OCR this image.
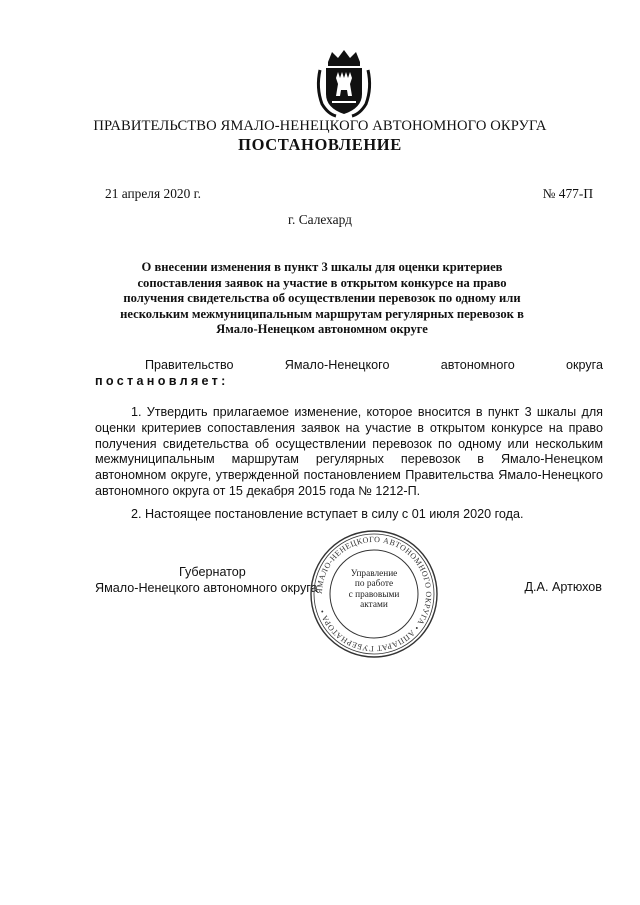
ПРАВИТЕЛЬСТВО ЯМАЛО-НЕНЕЦКОГО АВТОНОМНОГО ОКРУГА
ПОСТАНОВЛЕНИЕ
21 апреля 2020 г.	№ 477-П
г. Салехард
О внесении изменения в пункт 3 шкалы для оценки критериев сопоставления заявок на участие в открытом конкурсе на право получения свидетельства об осуществлении перевозок по одному или нескольким межмуниципальным маршрутам регулярных перевозок в Ямало-Ненецком автономном округе
Правительство	Ямало-Ненецкого	автономного	округа
постановляет:
1. Утвердить прилагаемое изменение, которое вносится в пункт 3 шкалы для оценки критериев сопоставления заявок на участие в открытом конкурсе на право получения свидетельства об осуществлении перевозок по одному или нескольким межмуниципальным маршрутам регулярных перевозок в Ямало-Ненецком автономном округе, утвержденной постановлением Правительства Ямало-Ненецкого автономного округа от 15 декабря 2015 года № 1212-П.
2. Настоящее постановление вступает в силу с 01 июля 2020 года.
Губернатор
Ямало-Ненецкого автономного округа	Д.А. Артюхов
ЯМАЛО-НЕНЕЦКОГО АВТОНОМНОГО ОКРУГА • АППАРАТ ГУБЕРНАТОРА •
Управление
по работе
с правовыми
актами
